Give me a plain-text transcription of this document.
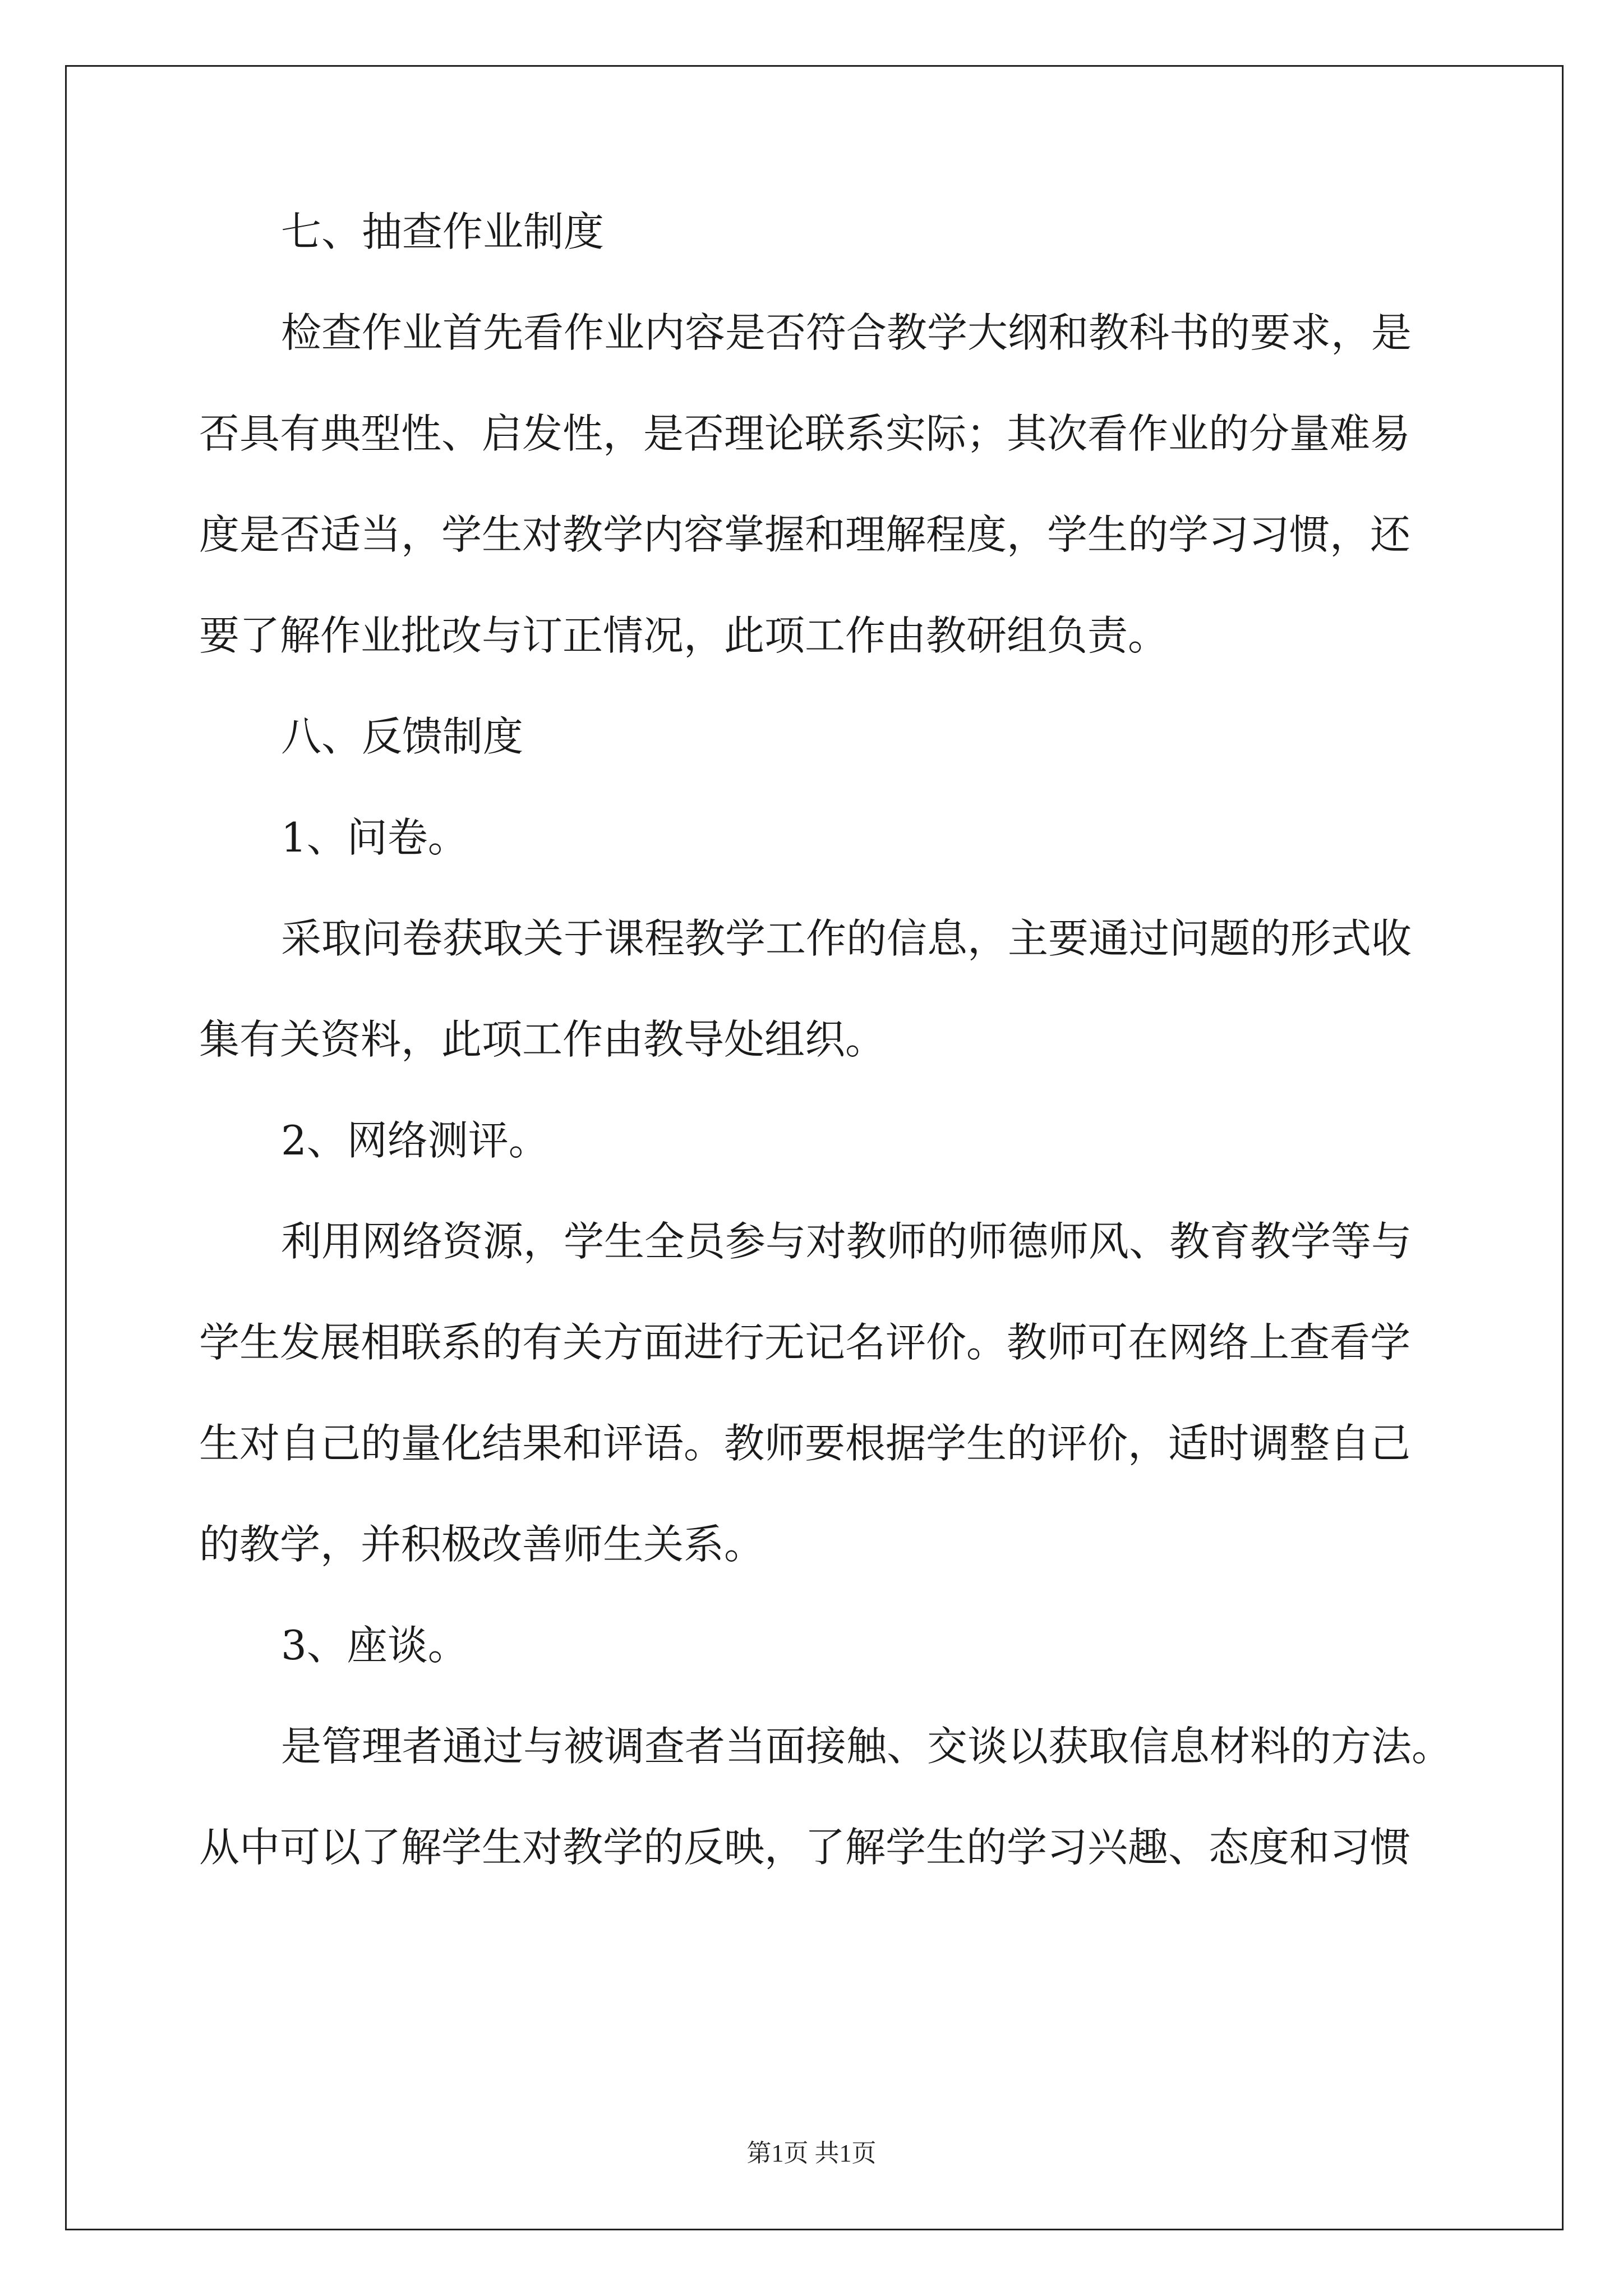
七、抽查作业制度
检查作业首先看作业内容是否符合教学大纲和教科书的要求，是
否具有典型性、启发性，是否理论联系实际；其次看作业的分量难易
度是否适当，学生对教学内容掌握和理解程度，学生的学习习惯，还
要了解作业批改与订正情况，此项工作由教研组负责。
八、反馈制度
1、问卷。
采取问卷获取关于课程教学工作的信息，主要通过问题的形式收
集有关资料，此项工作由教导处组织。
2、网络测评。
利用网络资源，学生全员参与对教师的师德师风、教育教学等与
学生发展相联系的有关方面进行无记名评价。教师可在网络上查看学
生对自己的量化结果和评语。教师要根据学生的评价，适时调整自己
的教学，并积极改善师生关系。
3、座谈。
是管理者通过与被调查者当面接触、交谈以获取信息材料的方法。
从中可以了解学生对教学的反映，了解学生的学习兴趣、态度和习惯
第1页 共1页
